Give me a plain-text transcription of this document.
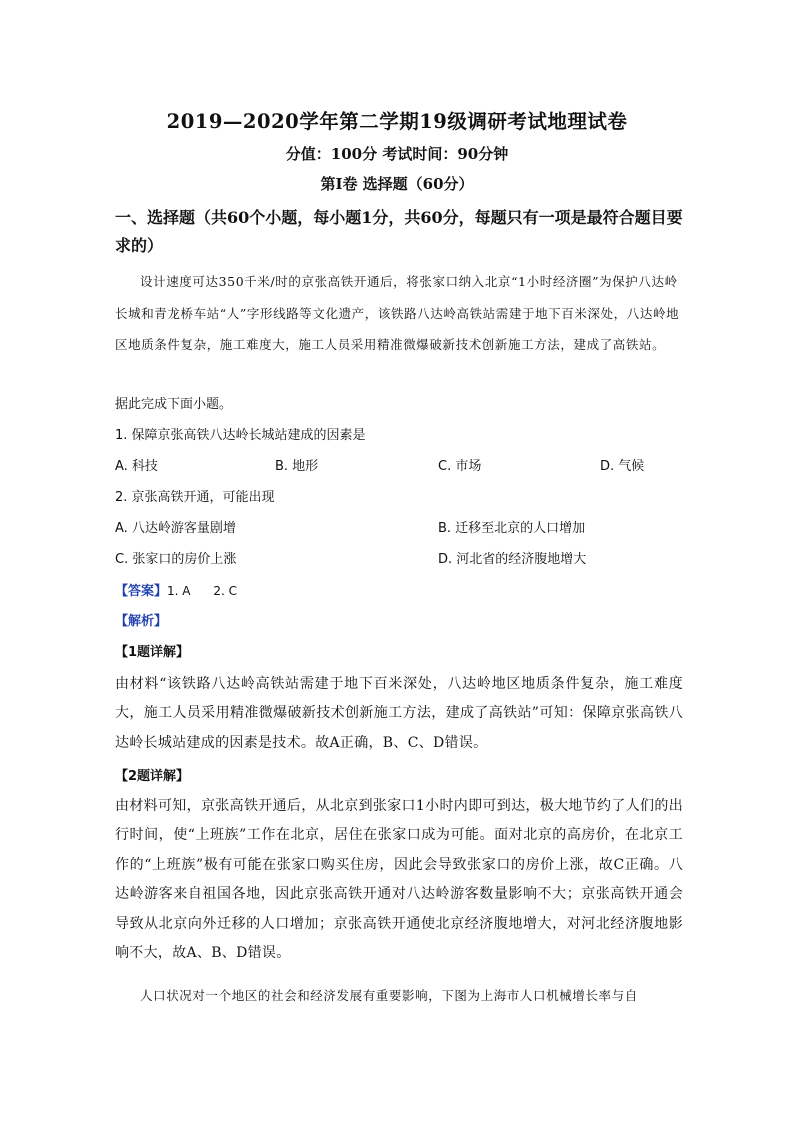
2019—2020学年第二学期19级调研考试地理试卷
分值：100分 考试时间：90分钟
第Ⅰ卷 选择题（60分）
一、选择题（共60个小题，每小题1分，共60分，每题只有一项是最符合题目要求的）
设计速度可达350千米/时的京张高铁开通后，将张家口纳入北京“1小时经济圈”为保护八达岭长城和青龙桥车站“人”字形线路等文化遗产，该铁路八达岭高铁站需建于地下百米深处，八达岭地区地质条件复杂，施工难度大，施工人员采用精准微爆破新技术创新施工方法，建成了高铁站。
据此完成下面小题。
1. 保障京张高铁八达岭长城站建成的因素是
A. 科技	B. 地形	C. 市场	D. 气候
2. 京张高铁开通，可能出现
A. 八达岭游客量剧增	B. 迁移至北京的人口增加
C. 张家口的房价上涨	D. 河北省的经济腹地增大
【答案】1. A      2. C
【解析】
【1题详解】
由材料“该铁路八达岭高铁站需建于地下百米深处，八达岭地区地质条件复杂，施工难度大，施工人员采用精准微爆破新技术创新施工方法，建成了高铁站”可知：保障京张高铁八达岭长城站建成的因素是技术。故A正确，B、C、D错误。
【2题详解】
由材料可知，京张高铁开通后，从北京到张家口1小时内即可到达，极大地节约了人们的出行时间，使“上班族”工作在北京，居住在张家口成为可能。面对北京的高房价，在北京工作的“上班族”极有可能在张家口购买住房，因此会导致张家口的房价上涨，故C正确。八达岭游客来自祖国各地，因此京张高铁开通对八达岭游客数量影响不大；京张高铁开通会导致从北京向外迁移的人口增加；京张高铁开通使北京经济腹地增大，对河北经济腹地影响不大，故A、B、D错误。
人口状况对一个地区的社会和经济发展有重要影响，下图为上海市人口机械增长率与自
